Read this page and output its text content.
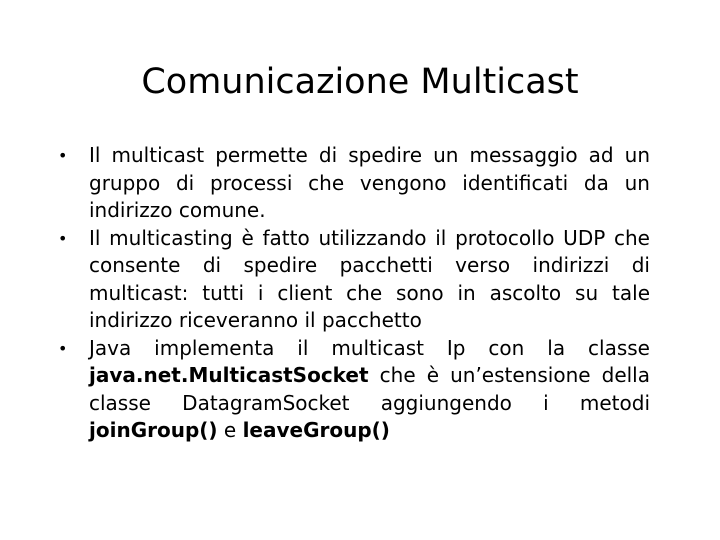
Comunicazione Multicast
• Il multicast permette di spedire un messaggio ad un gruppo di processi che vengono identificati da un indirizzo comune.
• Il multicasting è fatto utilizzando il protocollo UDP che consente di spedire pacchetti verso indirizzi di multicast: tutti i client che sono in ascolto su tale indirizzo riceveranno il pacchetto
• Java implementa il multicast Ip con la classe java.net.MulticastSocket che è un’estensione della classe DatagramSocket aggiungendo i metodi joinGroup() e leaveGroup()
